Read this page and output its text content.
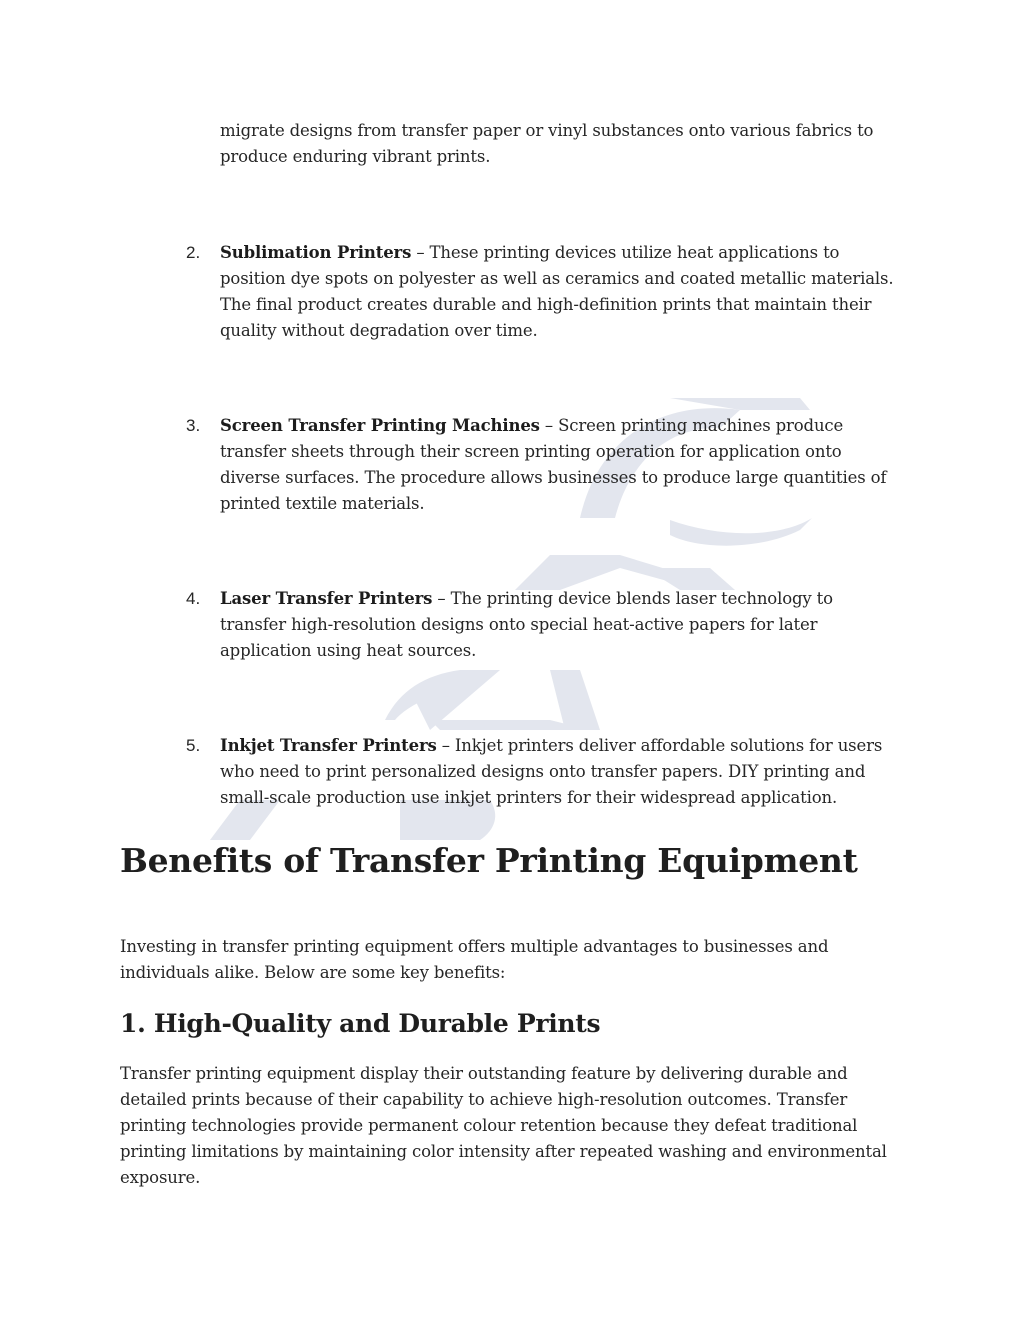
migrate designs from transfer paper or vinyl substances onto various fabrics to produce enduring vibrant prints.
2.	Sublimation Printers – These printing devices utilize heat applications to position dye spots on polyester as well as ceramics and coated metallic materials. The final product creates durable and high-definition prints that maintain their quality without degradation over time.
3.	Screen Transfer Printing Machines – Screen printing machines produce transfer sheets through their screen printing operation for application onto diverse surfaces. The procedure allows businesses to produce large quantities of printed textile materials.
4.	Laser Transfer Printers – The printing device blends laser technology to transfer high-resolution designs onto special heat-active papers for later application using heat sources.
5.	Inkjet Transfer Printers – Inkjet printers deliver affordable solutions for users who need to print personalized designs onto transfer papers. DIY printing and small-scale production use inkjet printers for their widespread application.
Benefits of Transfer Printing Equipment
Investing in transfer printing equipment offers multiple advantages to businesses and individuals alike. Below are some key benefits:
1. High-Quality and Durable Prints
Transfer printing equipment display their outstanding feature by delivering durable and detailed prints because of their capability to achieve high-resolution outcomes. Transfer printing technologies provide permanent colour retention because they defeat traditional printing limitations by maintaining color intensity after repeated washing and environmental exposure.
